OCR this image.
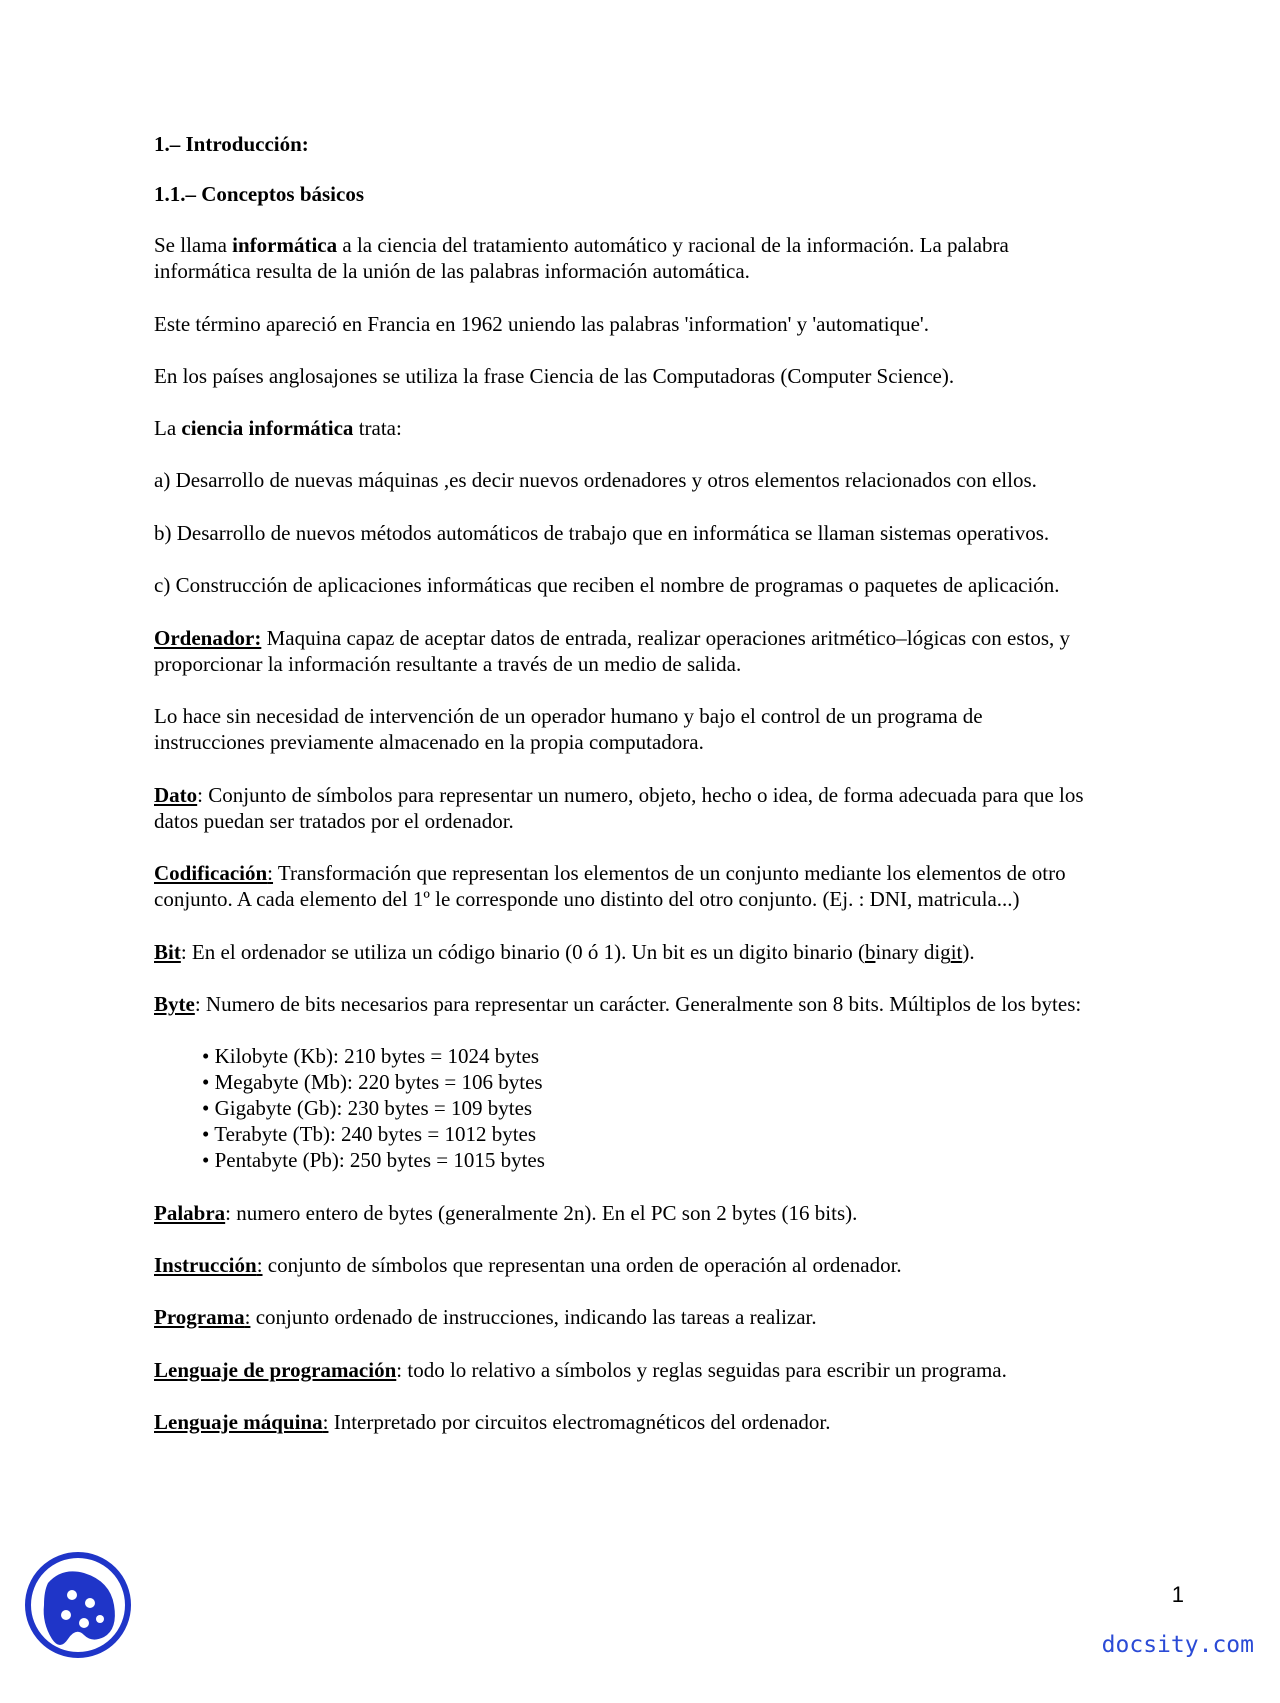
1.– Introducción:
1.1.– Conceptos básicos
Se llama informática a la ciencia del tratamiento automático y racional de la información. La palabra
informática resulta de la unión de las palabras información automática.
Este término apareció en Francia en 1962 uniendo las palabras 'information' y 'automatique'.
En los países anglosajones se utiliza la frase Ciencia de las Computadoras (Computer Science).
La ciencia informática trata:
a) Desarrollo de nuevas máquinas ,es decir nuevos ordenadores y otros elementos relacionados con ellos.
b) Desarrollo de nuevos métodos automáticos de trabajo que en informática se llaman sistemas operativos.
c) Construcción de aplicaciones informáticas que reciben el nombre de programas o paquetes de aplicación.
Ordenador: Maquina capaz de aceptar datos de entrada, realizar operaciones aritmético–lógicas con estos, y
proporcionar la información resultante a través de un medio de salida.
Lo hace sin necesidad de intervención de un operador humano y bajo el control de un programa de
instrucciones previamente almacenado en la propia computadora.
Dato: Conjunto de símbolos para representar un numero, objeto, hecho o idea, de forma adecuada para que los
datos puedan ser tratados por el ordenador.
Codificación: Transformación que representan los elementos de un conjunto mediante los elementos de otro
conjunto. A cada elemento del 1º le corresponde uno distinto del otro conjunto. (Ej. : DNI, matricula...)
Bit: En el ordenador se utiliza un código binario (0 ó 1). Un bit es un digito binario (binary digit).
Byte: Numero de bits necesarios para representar un carácter. Generalmente son 8 bits. Múltiplos de los bytes:
• Kilobyte (Kb): 210 bytes = 1024 bytes
• Megabyte (Mb): 220 bytes = 106 bytes
• Gigabyte (Gb): 230 bytes = 109 bytes
• Terabyte (Tb): 240 bytes = 1012 bytes
• Pentabyte (Pb): 250 bytes = 1015 bytes
Palabra: numero entero de bytes (generalmente 2n). En el PC son 2 bytes (16 bits).
Instrucción: conjunto de símbolos que representan una orden de operación al ordenador.
Programa: conjunto ordenado de instrucciones, indicando las tareas a realizar.
Lenguaje de programación: todo lo relativo a símbolos y reglas seguidas para escribir un programa.
Lenguaje máquina: Interpretado por circuitos electromagnéticos del ordenador.
1
docsity.com
